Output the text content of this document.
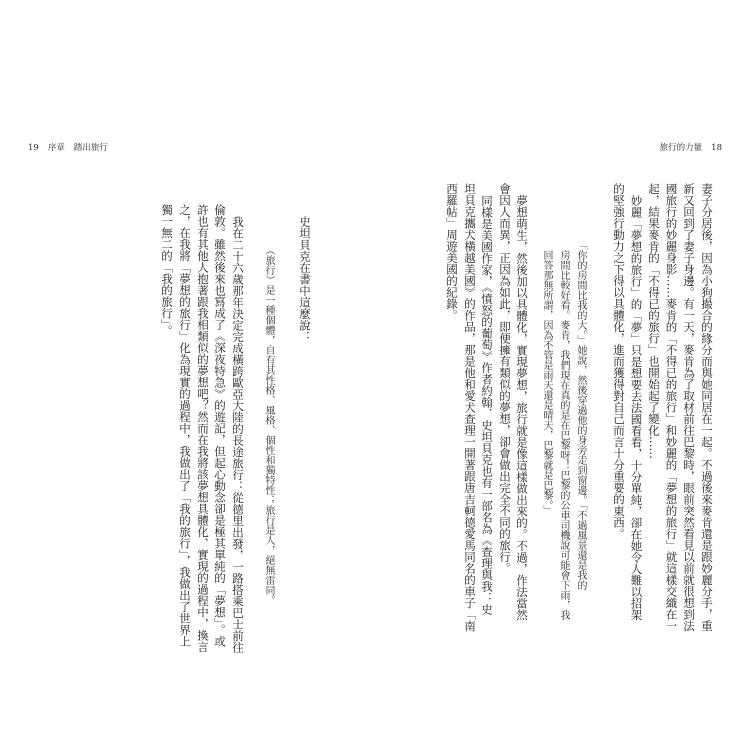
19 序章 踏出旅行
史坦貝克在書中這麼說：
（旅行）是一種個體，自有其性格、風格、個性和獨特性；旅行是人，絕無雷同。
我在二十六歲那年決定完成橫跨歐亞大陸的長途旅行：從德里出發，一路搭乘巴士前往
倫敦。雖然後來也寫成了《深夜特急》的遊記，但起心動念卻是極其單純的「夢想」。或
許也有其他人抱著跟我相類似的夢想吧？然而在我將該夢想具體化、實現的過程中，換言
之，在我將「夢想的旅行」化為現實的過程中，我做出了「我的旅行」，我做出了世界上
獨一無二的「我的旅行」。
旅行的力量 18
妻子分居後，因為小狗撮合的緣分而與她同居在一起。不過後來麥肯還是跟妙麗分手，重
新又回到了妻子身邊。有一天，麥肯為了取材前往巴黎時，眼前突然看見以前就很想到法
國旅行的妙麗身影……麥肯的「不得已的旅行」和妙麗的「夢想的旅行」就這樣交織在一
起，結果麥肯的「不得已的旅行」也開始起了變化……
妙麗「夢想的旅行」的「夢」只是想要去法國看看，十分單純，卻在她令人難以招架
的堅強行動力之下得以具體化，進而獲得對自己而言十分重要的東西。
「你的房間比我的大。」她說，然後穿過他的身旁走到窗邊。「不過風景還是我的
房間比較好看。麥肯，我們現在真的是在巴黎呀！巴黎的公車司機說可能會下雨，我
回答那無所謂，因為不管是雨天還是晴天，巴黎就是巴黎。」
夢想萌生，然後加以具體化，實現夢想，旅行就是像這樣做出來的。不過，作法當然
會因人而異，正因為如此，即便擁有類似的夢想，卻會做出完全不同的旅行。
同樣是美國作家，《憤怒的葡萄》作者約翰．史坦貝克也有一部名為《查理與我：史
坦貝克攜犬橫越美國》的作品，那是他和愛犬查理一開著跟唐吉軻德愛馬同名的車子「南
西羅帖」周遊美國的紀錄。
